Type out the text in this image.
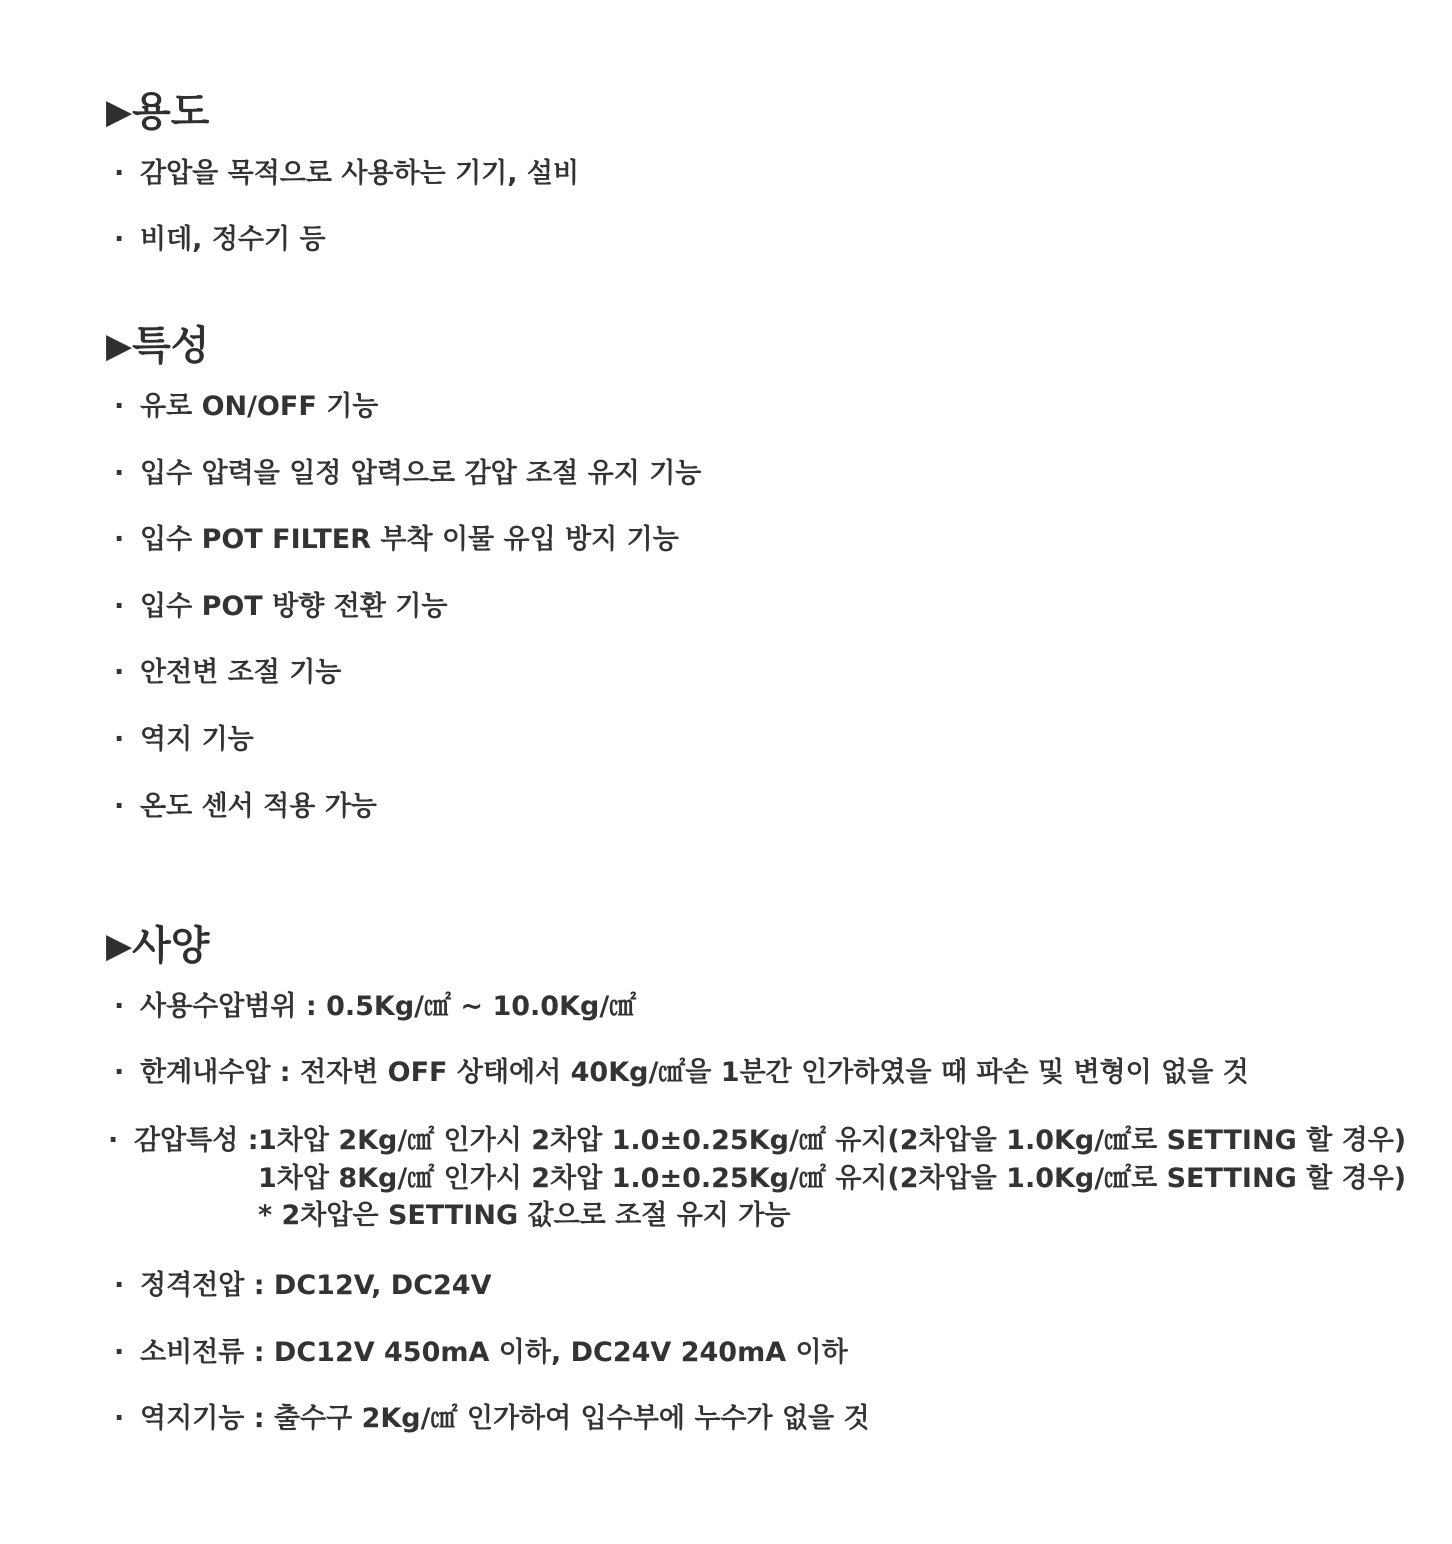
▶용도

· 감압을 목적으로 사용하는 기기, 설비

· 비데, 정수기 등

▶특성

· 유로 ON/OFF 기능

· 입수 압력을 일정 압력으로 감압 조절 유지 기능

· 입수 POT FILTER 부착 이물 유입 방지 기능

· 입수 POT 방향 전환 기능

· 안전변 조절 기능

· 역지 기능

· 온도 센서 적용 가능

▶사양

· 사용수압범위 : 0.5Kg/㎠ ~ 10.0Kg/㎠

· 한계내수압 : 전자변 OFF 상태에서 40Kg/㎠을 1분간 인가하였을 때 파손 및 변형이 없을 것

· 감압특성 : 1차압 2Kg/㎠ 인가시 2차압 1.0±0.25Kg/㎠ 유지(2차압을 1.0Kg/㎠로 SETTING 할 경우)
1차압 8Kg/㎠ 인가시 2차압 1.0±0.25Kg/㎠ 유지(2차압을 1.0Kg/㎠로 SETTING 할 경우)
* 2차압은 SETTING 값으로 조절 유지 가능

· 정격전압 : DC12V, DC24V

· 소비전류 : DC12V 450mA 이하, DC24V 240mA 이하

· 역지기능 : 출수구 2Kg/㎠ 인가하여 입수부에 누수가 없을 것
